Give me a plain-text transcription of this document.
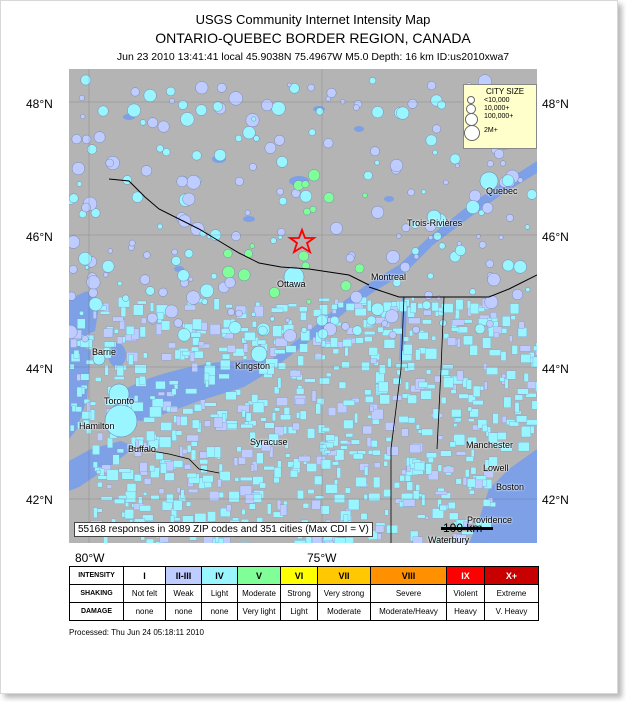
USGS Community Internet Intensity Map
ONTARIO-QUEBEC BORDER REGION, CANADA
Jun 23 2010 13:41:41 local 45.9038N 75.4967W M5.0 Depth: 16 km ID:us2010xwa7
48°N
46°N
44°N
42°N
48°N
46°N
44°N
42°N
Quebec
Trois-Rivières
Montreal
Ottawa
Barrie
Kingston
Toronto
Hamilton
Buffalo
Syracuse	Manchester
Lowell
Boston
Providence
Waterbury
CITY SIZE
<10,000
10,000+
100,000+
2M+
55168 responses in 3089 ZIP codes and 351 cities (Max CDI = V)	100 km
80°W	75°W
INTENSITY	I	II-III	IV	V	VI	VII	VIII	IX	X+
SHAKING	Not felt	Weak	Light	Moderate	Strong	Very strong	Severe	Violent	Extreme
DAMAGE	none	none	none	Very light	Light	Moderate	Moderate/Heavy	Heavy	V. Heavy
Processed: Thu Jun 24 05:18:11 2010
